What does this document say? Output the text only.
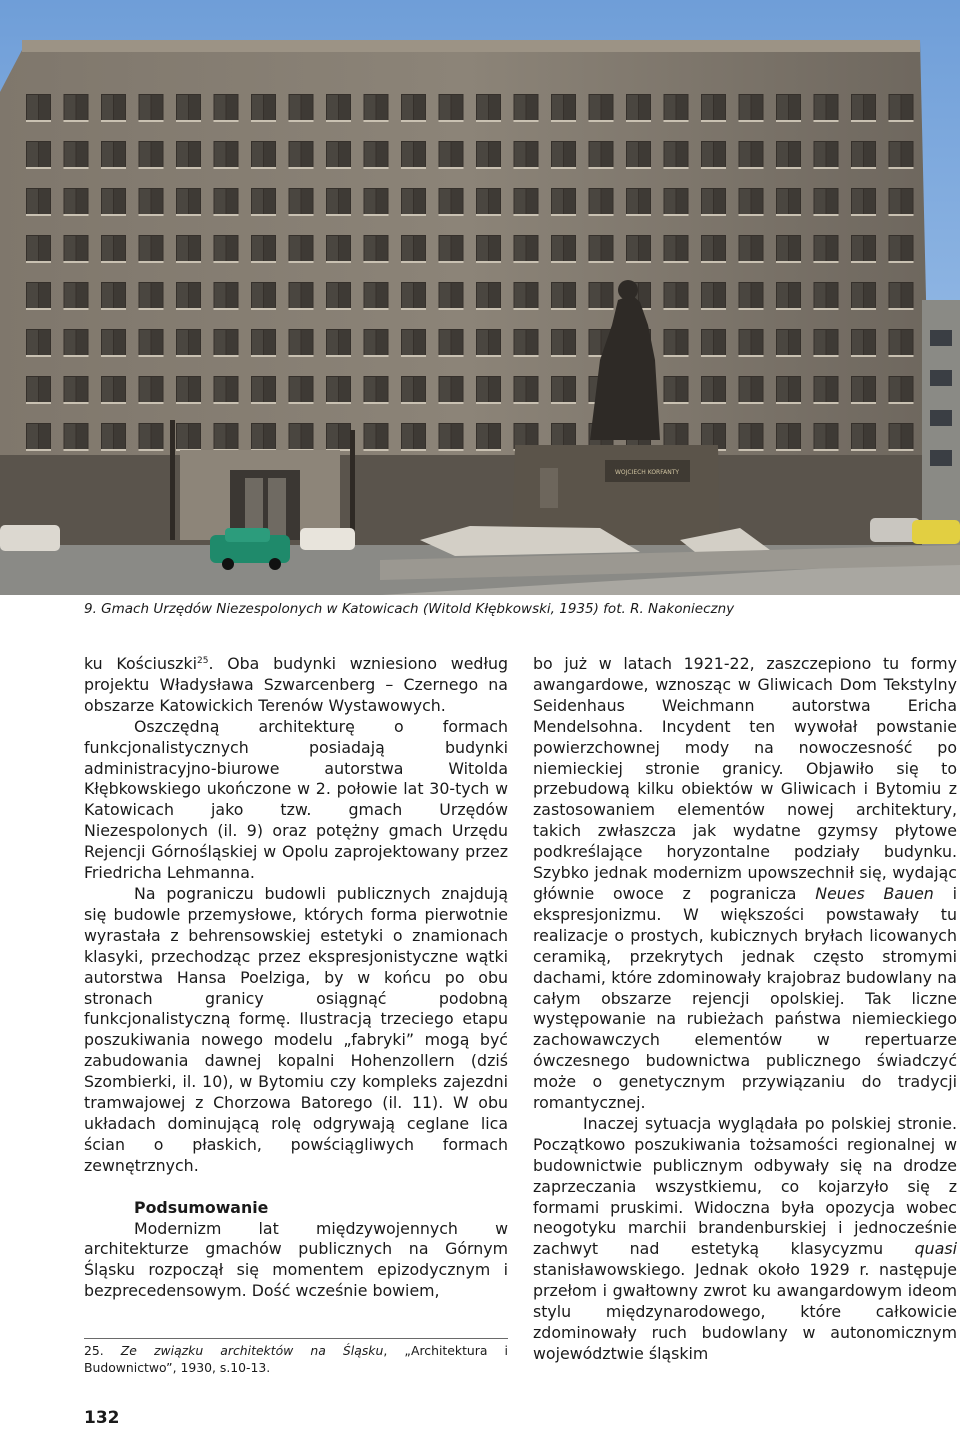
WOJCIECH KORFANTY
9. Gmach Urzędów Niezespolonych w Katowicach (Witold Kłębkowski, 1935) fot. R. Nakonieczny

ku Kościuszki$^{25}$. Oba budynki wzniesiono według projektu Władysława Szwarcenberg – Czernego na obszarze Katowickich Terenów Wystawowych.

Oszczędną architekturę o formach funkcjonalistycznych posiadają budynki administracyjno-biurowe autorstwa Witolda Kłębkowskiego ukończone w 2. połowie lat 30-tych w Katowicach jako tzw. gmach Urzędów Niezespolonych (il. 9) oraz potężny gmach Urzędu Rejencji Górnośląskiej w Opolu zaprojektowany przez Friedricha Lehmanna.

Na pograniczu budowli publicznych znajdują się budowle przemysłowe, których forma pierwotnie wyrastała z behrensowskiej estetyki o znamionach klasyki, przechodząc przez ekspresjonistyczne wątki autorstwa Hansa Poelziga, by w końcu po obu stronach granicy osiągnąć podobną funkcjonalistyczną formę. Ilustracją trzeciego etapu poszukiwania nowego modelu „fabryki” mogą być zabudowania dawnej kopalni Hohenzollern (dziś Szombierki, il. 10), w Bytomiu czy kompleks zajezdni tramwajowej z Chorzowa Batorego (il. 11). W obu układach dominującą rolę odgrywają ceglane lica ścian o płaskich, powściągliwych formach zewnętrznych.

Podsumowanie

Modernizm lat międzywojennych w architekturze gmachów publicznych na Górnym Śląsku rozpoczął się momentem epizodycznym i bezprecedensowym. Dość wcześnie bowiem,

bo już w latach 1921-22, zaszczepiono tu formy awangardowe, wznosząc w Gliwicach Dom Tekstylny Seidenhaus Weichmann autorstwa Ericha Mendelsohna. Incydent ten wywołał powstanie powierzchownej mody na nowoczesność po niemieckiej stronie granicy. Objawiło się to przebudową kilku obiektów w Gliwicach i Bytomiu z zastosowaniem elementów nowej architektury, takich zwłaszcza jak wydatne gzymsy płytowe podkreślające horyzontalne podziały budynku. Szybko jednak modernizm upowszechnił się, wydając głównie owoce z pogranicza Neues Bauen i ekspresjonizmu. W większości powstawały tu realizacje o prostych, kubicznych bryłach licowanych ceramiką, przekrytych jednak często stromymi dachami, które zdominowały krajobraz budowlany na całym obszarze rejencji opolskiej. Tak liczne występowanie na rubieżach państwa niemieckiego zachowawczych elementów w repertuarze ówczesnego budownictwa publicznego świadczyć może o genetycznym przywiązaniu do tradycji romantycznej.

Inaczej sytuacja wyglądała po polskiej stronie. Początkowo poszukiwania tożsamości regionalnej w budownictwie publicznym odbywały się na drodze zaprzeczania wszystkiemu, co kojarzyło się z formami pruskimi. Widoczna była opozycja wobec neogotyku marchii brandenburskiej i jednocześnie zachwyt nad estetyką klasycyzmu quasi stanisławowskiego. Jednak około 1929 r. następuje przełom i gwałtowny zwrot ku awangardowym ideom stylu międzynarodowego, które całkowicie zdominowały ruch budowlany w autonomicznym województwie śląskim

25. Ze związku architektów na Śląsku, „Architektura i Budownictwo”, 1930, s.10-13.
132
